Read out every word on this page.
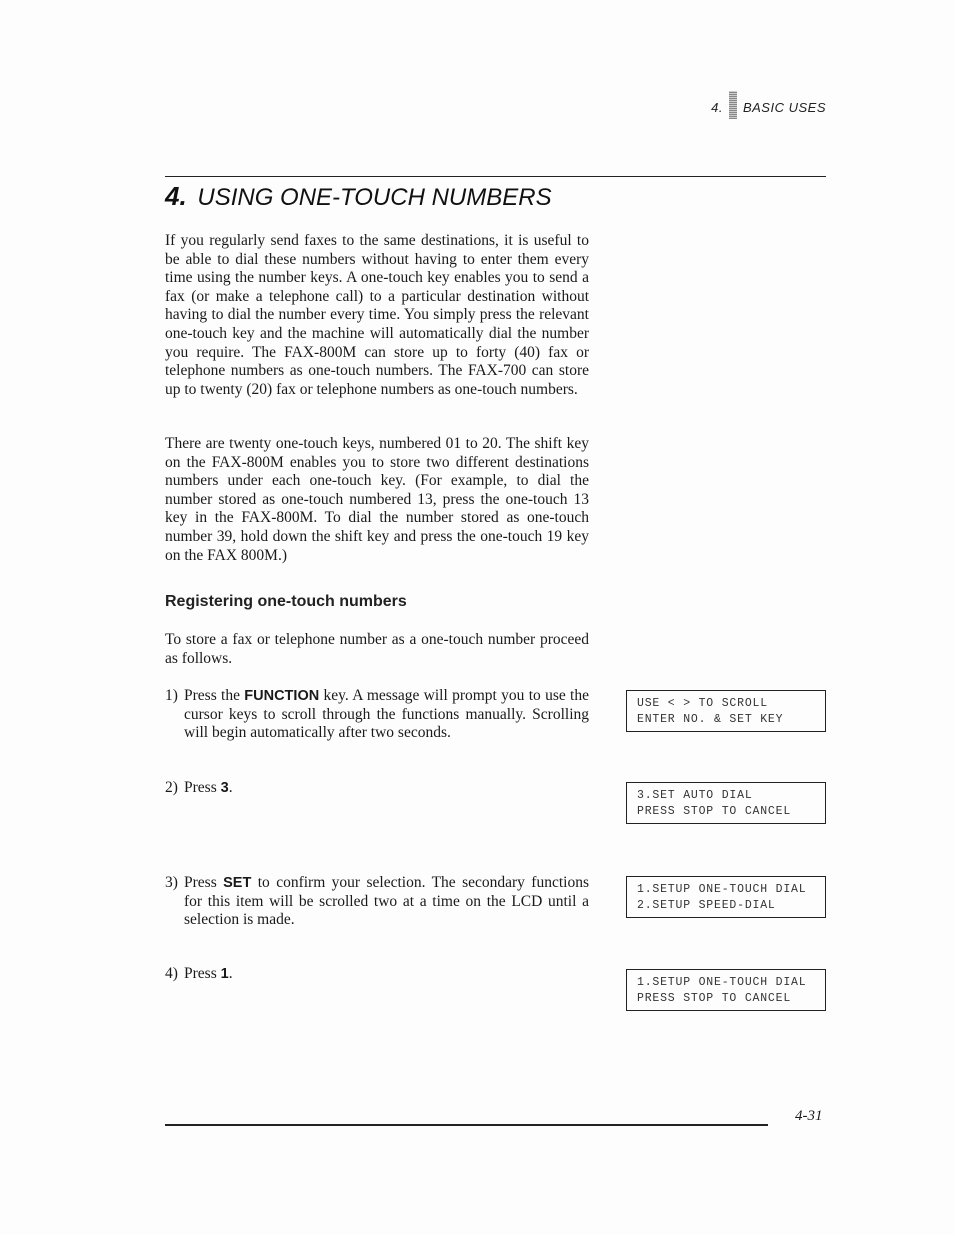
4. BASIC USES
4. USING ONE-TOUCH NUMBERS

If you regularly send faxes to the same destinations, it is useful to be able to dial these numbers without having to enter them every time using the number keys. A one-touch key enables you to send a fax (or make a telephone call) to a particular destination without having to dial the number every time. You simply press the relevant one-touch key and the machine will automatically dial the number you require. The FAX-800M can store up to forty (40) fax or telephone numbers as one-touch numbers. The FAX-700 can store up to twenty (20) fax or telephone numbers as one-touch numbers.

There are twenty one-touch keys, numbered 01 to 20. The shift key on the FAX-800M enables you to store two different destinations numbers under each one-touch key. (For example, to dial the number stored as one-touch numbered 13, press the one-touch 13 key in the FAX-800M. To dial the number stored as one-touch number 39, hold down the shift key and press the one-touch 19 key on the FAX 800M.)

Registering one-touch numbers

To store a fax or telephone number as a one-touch number proceed as follows.

1) Press the FUNCTION key. A message will prompt you to use the cursor keys to scroll through the functions manually. Scrolling will begin automatically after two seconds.
2) Press 3.
3) Press SET to confirm your selection. The secondary functions for this item will be scrolled two at a time on the LCD until a selection is made.
4) Press 1.
USE < > TO SCROLL
ENTER NO. & SET KEY
3.SET AUTO DIAL
PRESS STOP TO CANCEL
1.SETUP ONE-TOUCH DIAL
2.SETUP SPEED-DIAL
1.SETUP ONE-TOUCH DIAL
PRESS STOP TO CANCEL
4-31
